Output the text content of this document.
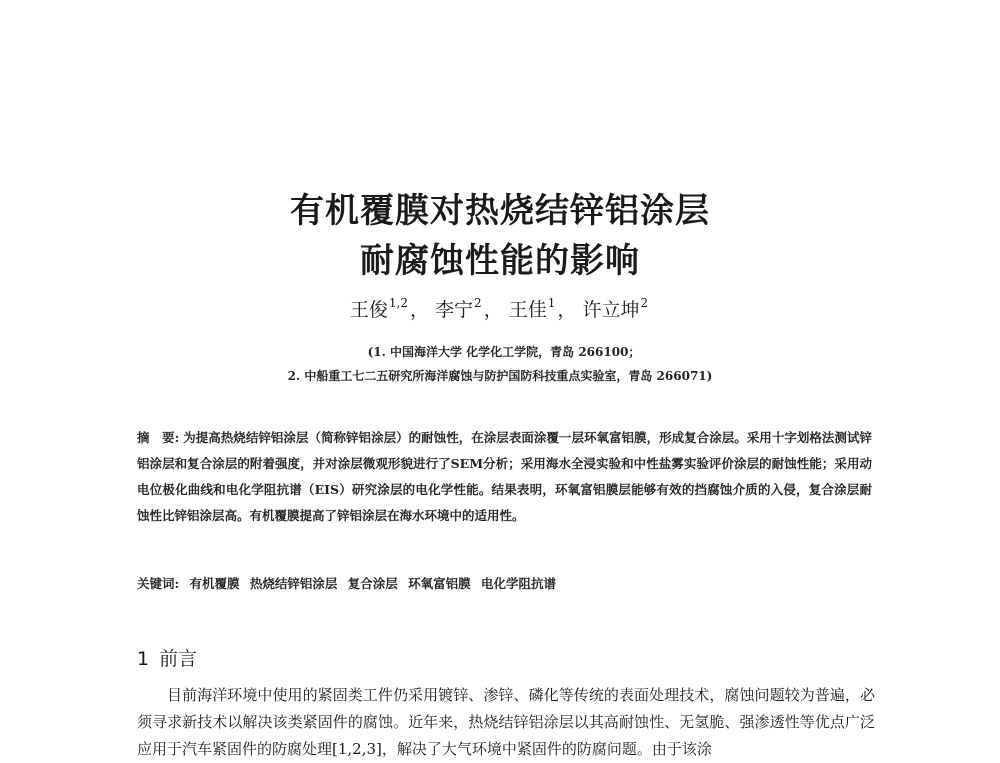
有机覆膜对热烧结锌铝涂层
耐腐蚀性能的影响
王俊$^{1,2}$ ， 李宁$^2$ ， 王佳$^1$ ， 许立坤$^2$
(1. 中国海洋大学 化学化工学院，青岛 266100；
2. 中船重工七二五研究所海洋腐蚀与防护国防科技重点实验室，青岛 266071)
摘　要: 为提高热烧结锌铝涂层（简称锌铝涂层）的耐蚀性，在涂层表面涂覆一层环氧富铝膜，形成复合涂层。采用十字划格法测试锌铝涂层和复合涂层的附着强度，并对涂层微观形貌进行了SEM分析；采用海水全浸实验和中性盐雾实验评价涂层的耐蚀性能；采用动电位极化曲线和电化学阻抗谱（EIS）研究涂层的电化学性能。结果表明，环氧富铝膜层能够有效的挡腐蚀介质的入侵，复合涂层耐蚀性比锌铝涂层高。有机覆膜提高了锌铝涂层在海水环境中的适用性。
关键词: 有机覆膜 热烧结锌铝涂层 复合涂层 环氧富铝膜 电化学阻抗谱
1 前言

目前海洋环境中使用的紧固类工件仍采用镀锌、渗锌、磷化等传统的表面处理技术，腐蚀问题较为普遍，必须寻求新技术以解决该类紧固件的腐蚀。近年来，热烧结锌铝涂层以其高耐蚀性、无氢脆、强渗透性等优点广泛应用于汽车紧固件的防腐处理[1,2,3]，解决了大气环境中紧固件的防腐问题。由于该涂
